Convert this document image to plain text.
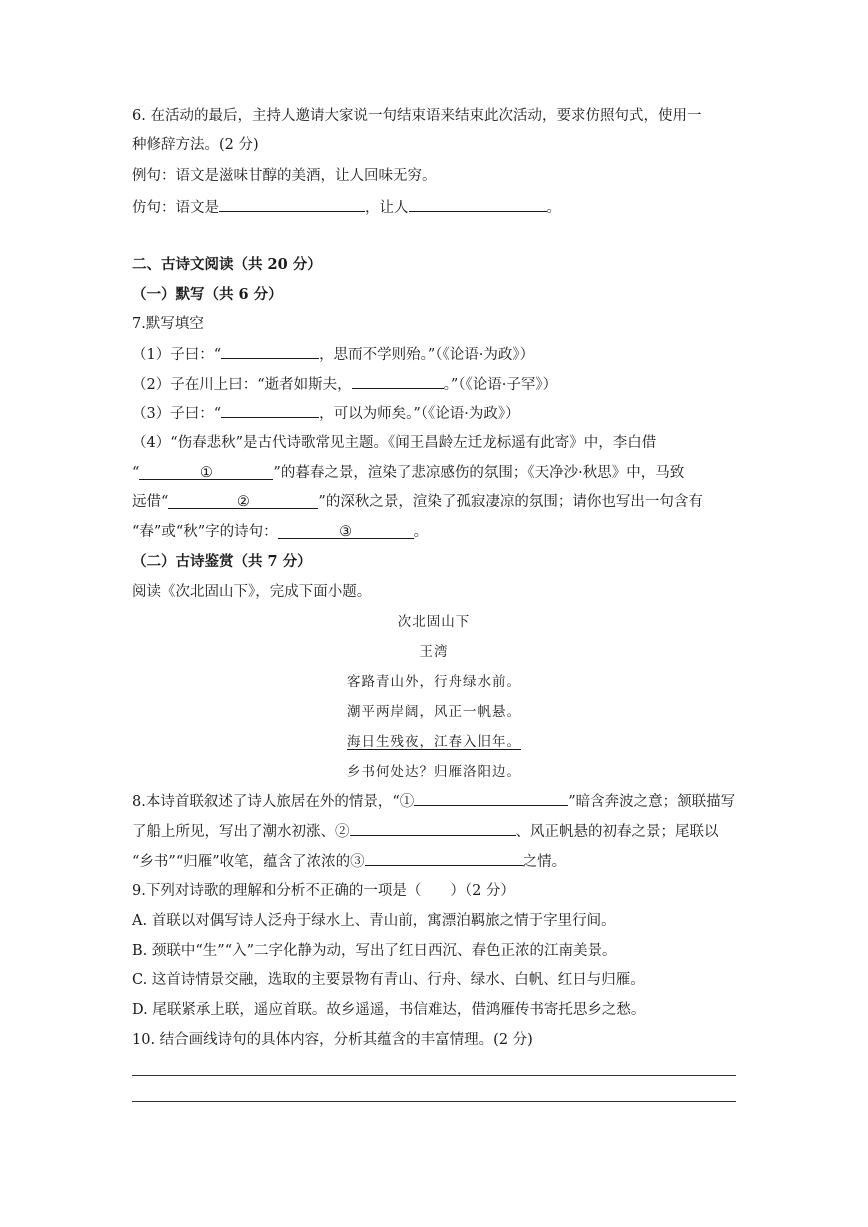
6. 在活动的最后，主持人邀请大家说一句结束语来结束此次活动，要求仿照句式，使用一
种修辞方法。(2 分)
例句：语文是滋味甘醇的美酒，让人回味无穷。
仿句：语文是	，让人	。
二、古诗文阅读（共 20 分）
（一）默写（共 6 分）
7.默写填空
（1）子曰：“	，思而不学则殆。”（《论语·为政》）
（2）子在川上曰：“逝者如斯夫，	。”（《论语·子罕》）
（3）子曰：“	，可以为师矣。”（《论语·为政》）
（4）“伤春悲秋”是古代诗歌常见主题。《闻王昌龄左迁龙标遥有此寄》中，李白借
“	①	”的暮春之景，渲染了悲凉感伤的氛围；《天净沙·秋思》中，马致
远借“	②	”的深秋之景，渲染了孤寂凄凉的氛围；请你也写出一句含有
“春”或“秋”字的诗句：	③	。
（二）古诗鉴赏（共 7 分）
阅读《次北固山下》，完成下面小题。
次北固山下
王湾
客路青山外，行舟绿水前。
潮平两岸阔，风正一帆悬。
海日生残夜，江春入旧年。
乡书何处达？归雁洛阳边。
8.本诗首联叙述了诗人旅居在外的情景，“①	”暗含奔波之意；颔联描写
了船上所见，写出了潮水初涨、②	、风正帆悬的初春之景；尾联以
“乡书”“归雁”收笔，蕴含了浓浓的③	之情。
9.下列对诗歌的理解和分析不正确的一项是（　　）（2 分）
A. 首联以对偶写诗人泛舟于绿水上、青山前，寓漂泊羁旅之情于字里行间。
B. 颈联中“生”“入”二字化静为动，写出了红日西沉、春色正浓的江南美景。
C. 这首诗情景交融，选取的主要景物有青山、行舟、绿水、白帆、红日与归雁。
D. 尾联紧承上联，遥应首联。故乡遥遥，书信难达，借鸿雁传书寄托思乡之愁。
10. 结合画线诗句的具体内容，分析其蕴含的丰富情理。(2 分)
